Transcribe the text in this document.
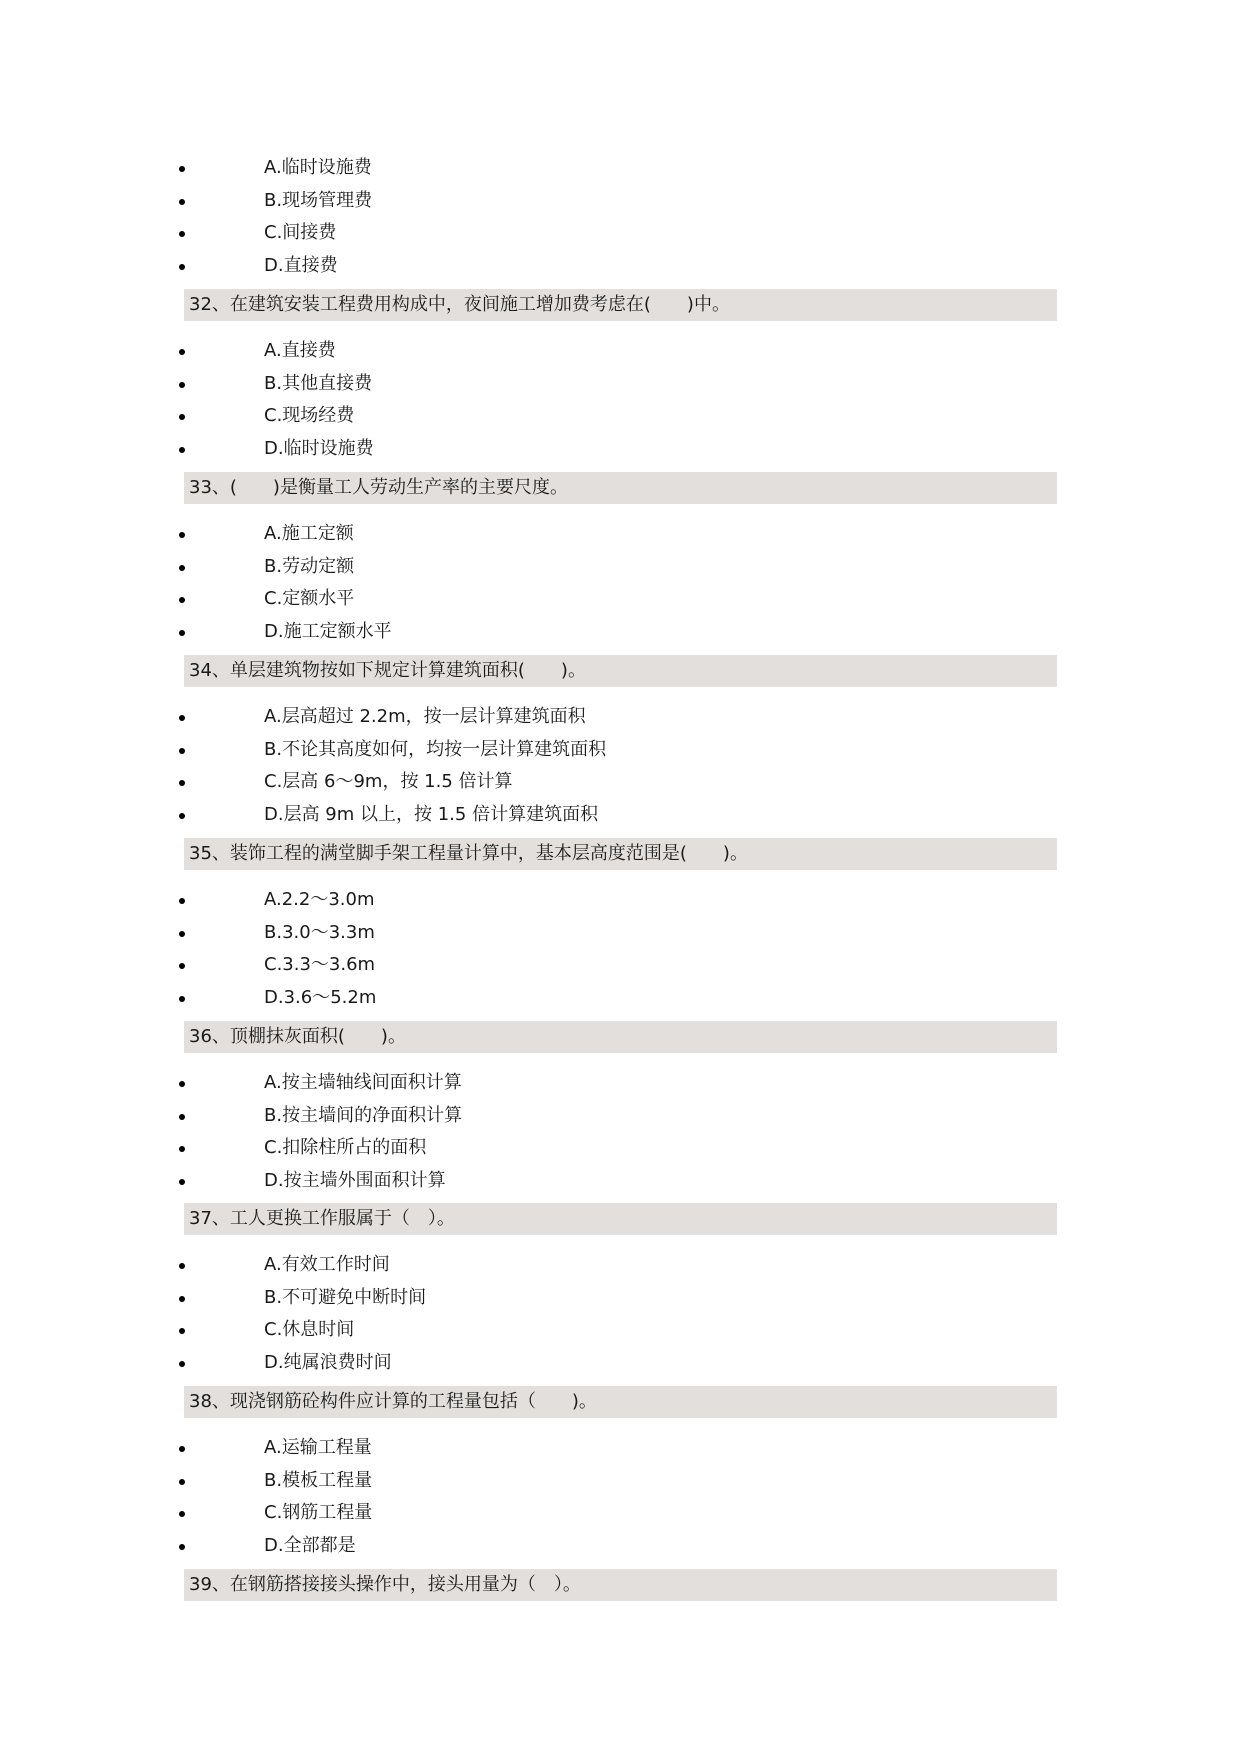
A.临时设施费
B.现场管理费
C.间接费
D.直接费
32、在建筑安装工程费用构成中，夜间施工增加费考虑在(　　)中。
A.直接费
B.其他直接费
C.现场经费
D.临时设施费
33、(　　)是衡量工人劳动生产率的主要尺度。
A.施工定额
B.劳动定额
C.定额水平
D.施工定额水平
34、单层建筑物按如下规定计算建筑面积(　　)。
A.层高超过 2.2m，按一层计算建筑面积
B.不论其高度如何，均按一层计算建筑面积
C.层高 6～9m，按 1.5 倍计算
D.层高 9m 以上，按 1.5 倍计算建筑面积
35、装饰工程的满堂脚手架工程量计算中，基本层高度范围是(　　)。
A.2.2～3.0m
B.3.0～3.3m
C.3.3～3.6m
D.3.6～5.2m
36、顶棚抹灰面积(　　)。
A.按主墙轴线间面积计算
B.按主墙间的净面积计算
C.扣除柱所占的面积
D.按主墙外围面积计算
37、工人更换工作服属于（　）。
A.有效工作时间
B.不可避免中断时间
C.休息时间
D.纯属浪费时间
38、现浇钢筋砼构件应计算的工程量包括（　　)。
A.运输工程量
B.模板工程量
C.钢筋工程量
D.全部都是
39、在钢筋搭接接头操作中，接头用量为（　）。
